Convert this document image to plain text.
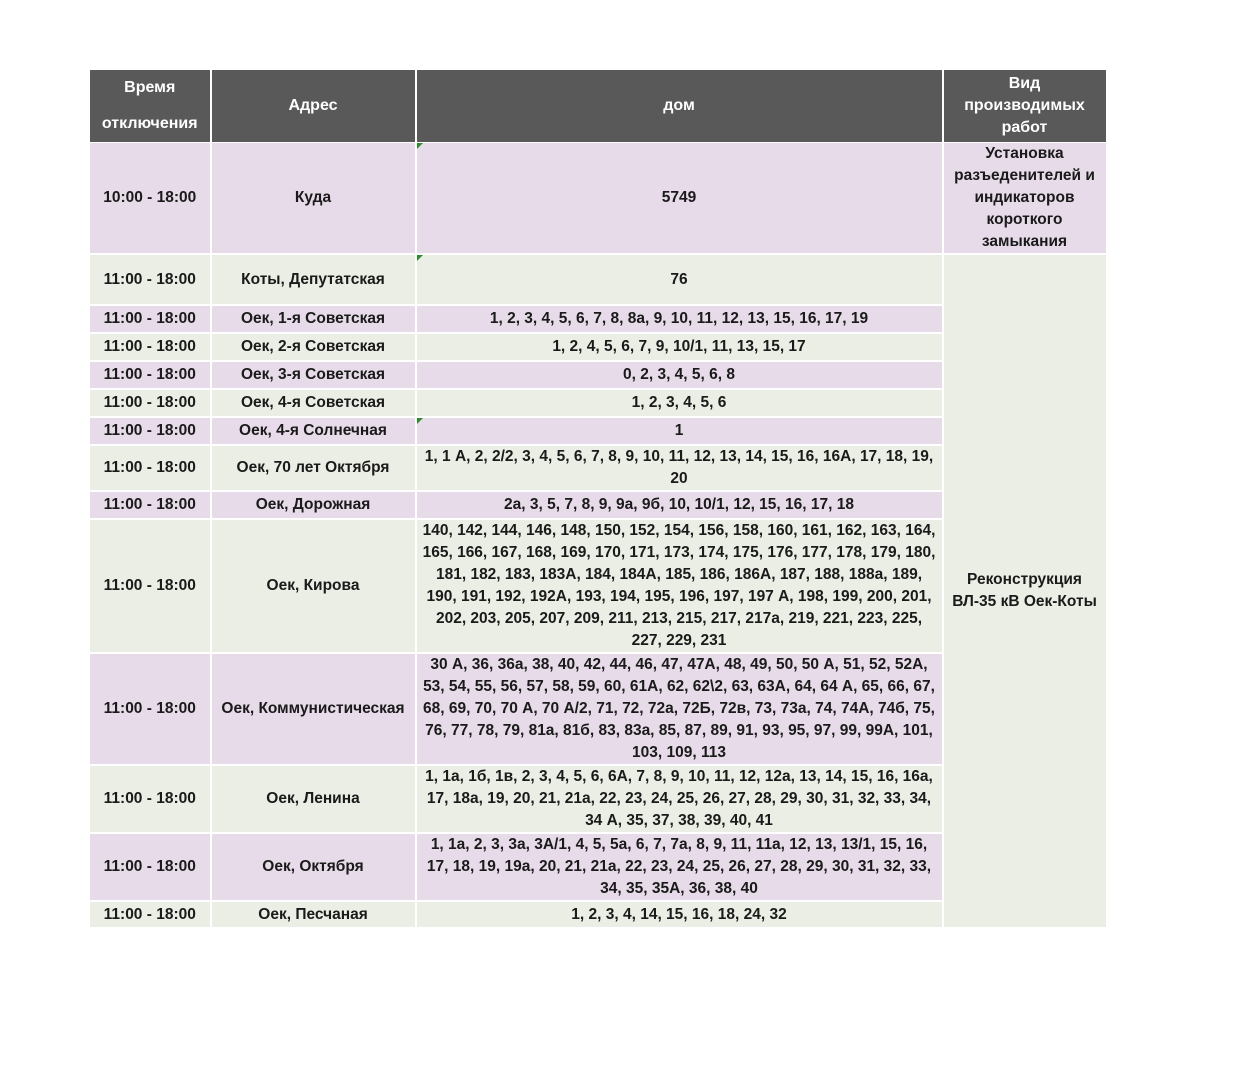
Время
отключения	Адрес	дом	Вид производимых работ
10:00 - 18:00	Куда	5749	Установка разъеденителей и индикаторов короткого замыкания
11:00 - 18:00	Коты, Депутатская	76	Реконструкция ВЛ-35 кВ Оек-Коты
11:00 - 18:00	Оек, 1-я Советская	1, 2, 3, 4, 5, 6, 7, 8, 8а, 9, 10, 11, 12, 13, 15, 16, 17, 19	
11:00 - 18:00	Оек, 2-я Советская	1, 2, 4, 5, 6, 7, 9, 10/1, 11, 13, 15, 17	
11:00 - 18:00	Оек, 3-я Советская	0, 2, 3, 4, 5, 6, 8	
11:00 - 18:00	Оек, 4-я Советская	1, 2, 3, 4, 5, 6	
11:00 - 18:00	Оек, 4-я Солнечная	1	
11:00 - 18:00	Оек, 70 лет Октября	1, 1 А, 2, 2/2, 3, 4, 5, 6, 7, 8, 9, 10, 11, 12, 13, 14, 15, 16, 16А, 17, 18, 19, 20	
11:00 - 18:00	Оек, Дорожная	2а, 3, 5, 7, 8, 9, 9а, 9б, 10, 10/1, 12, 15, 16, 17, 18	
11:00 - 18:00	Оек, Кирова	140, 142, 144, 146, 148, 150, 152, 154, 156, 158, 160, 161, 162, 163, 164, 165, 166, 167, 168, 169, 170, 171, 173, 174, 175, 176, 177, 178, 179, 180, 181, 182, 183, 183А, 184, 184А, 185, 186, 186А, 187, 188, 188а, 189, 190, 191, 192, 192А, 193, 194, 195, 196, 197, 197 А, 198, 199, 200, 201, 202, 203, 205, 207, 209, 211, 213, 215, 217, 217а, 219, 221, 223, 225, 227, 229, 231	
11:00 - 18:00	Оек, Коммунистическая	30 А, 36, 36а, 38, 40, 42, 44, 46, 47, 47А, 48, 49, 50, 50 А, 51, 52, 52А, 53, 54, 55, 56, 57, 58, 59, 60, 61А, 62, 62\2, 63, 63А, 64, 64 А, 65, 66, 67, 68, 69, 70, 70 А, 70 А/2, 71, 72, 72а, 72Б, 72в, 73, 73а, 74, 74А, 74б, 75, 76, 77, 78, 79, 81а, 81б, 83, 83а, 85, 87, 89, 91, 93, 95, 97, 99, 99А, 101, 103, 109, 113	
11:00 - 18:00	Оек, Ленина	1, 1а, 1б, 1в, 2, 3, 4, 5, 6, 6А, 7, 8, 9, 10, 11, 12, 12а, 13, 14, 15, 16, 16а, 17, 18а, 19, 20, 21, 21а, 22, 23, 24, 25, 26, 27, 28, 29, 30, 31, 32, 33, 34, 34 А, 35, 37, 38, 39, 40, 41	
11:00 - 18:00	Оек, Октября	1, 1а, 2, 3, 3а, 3А/1, 4, 5, 5а, 6, 7, 7а, 8, 9, 11, 11а, 12, 13, 13/1, 15, 16, 17, 18, 19, 19а, 20, 21, 21а, 22, 23, 24, 25, 26, 27, 28, 29, 30, 31, 32, 33, 34, 35, 35А, 36, 38, 40	
11:00 - 18:00	Оек, Песчаная	1, 2, 3, 4, 14, 15, 16, 18, 24, 32	
